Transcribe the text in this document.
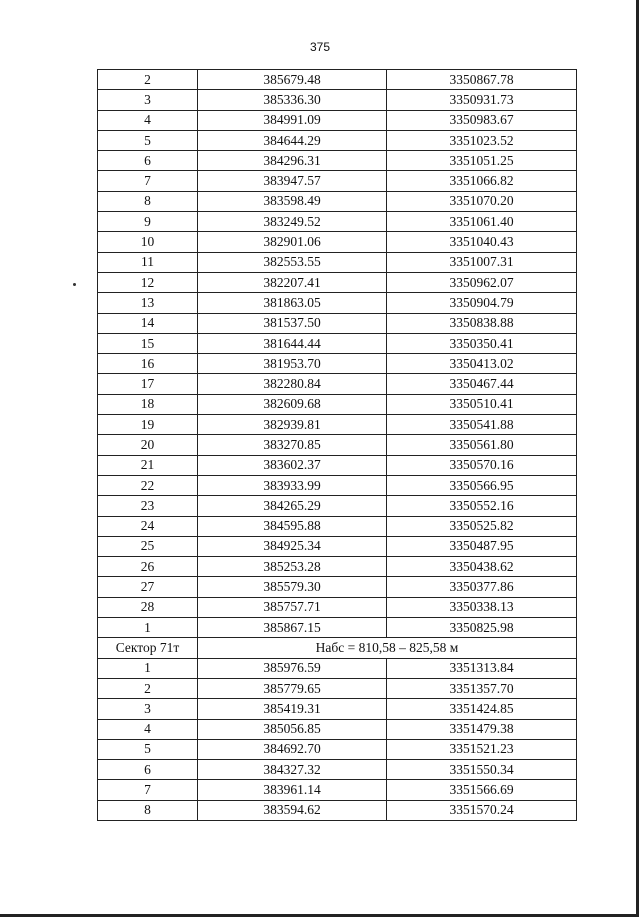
375
2	385679.48	3350867.78
3	385336.30	3350931.73
4	384991.09	3350983.67
5	384644.29	3351023.52
6	384296.31	3351051.25
7	383947.57	3351066.82
8	383598.49	3351070.20
9	383249.52	3351061.40
10	382901.06	3351040.43
11	382553.55	3351007.31
12	382207.41	3350962.07
13	381863.05	3350904.79
14	381537.50	3350838.88
15	381644.44	3350350.41
16	381953.70	3350413.02
17	382280.84	3350467.44
18	382609.68	3350510.41
19	382939.81	3350541.88
20	383270.85	3350561.80
21	383602.37	3350570.16
22	383933.99	3350566.95
23	384265.29	3350552.16
24	384595.88	3350525.82
25	384925.34	3350487.95
26	385253.28	3350438.62
27	385579.30	3350377.86
28	385757.71	3350338.13
1	385867.15	3350825.98
Сектор 71т	Набс = 810,58 – 825,58 м	
1	385976.59	3351313.84
2	385779.65	3351357.70
3	385419.31	3351424.85
4	385056.85	3351479.38
5	384692.70	3351521.23
6	384327.32	3351550.34
7	383961.14	3351566.69
8	383594.62	3351570.24
